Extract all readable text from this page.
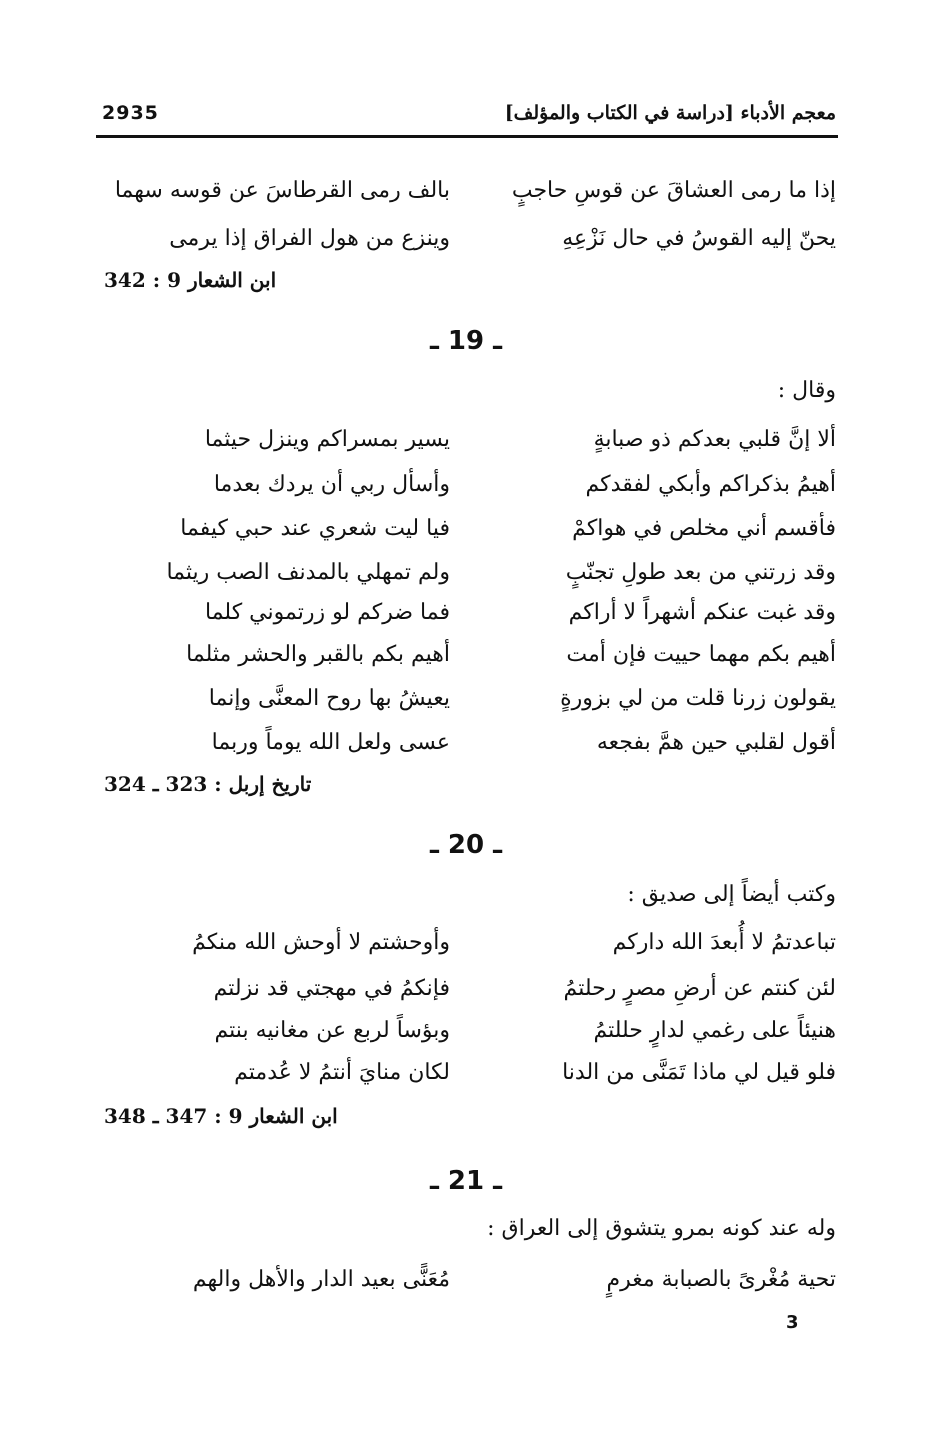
2935	معجم الأدباء [دراسة في الكتاب والمؤلف]
إذا ما رمى العشاقَ عن قوسِ حاجبٍ
بالف رمى القرطاسَ عن قوسه سهما
يحنّ إليه القوسُ في حال نَزْعِهِ
وينزع من هول الفراق إذا يرمى
ابن الشعار 9 : 342
ـ 19 ـ
وقال :
ألا إنَّ قلبي بعدكم ذو صبابةٍ
يسير بمسراكم وينزل حيثما
أهيمُ بذكراكم وأبكي لفقدكم
وأسأل ربي أن يردك بعدما
فأقسم أني مخلص في هواكمْ
فيا ليت شعري عند حبي كيفما
وقد زرتني من بعد طولِ تجنّبٍ
ولم تمهلي بالمدنف الصب ريثما
وقد غبت عنكم أشهراً لا أراكم
فما ضركم لو زرتموني كلما
أهيم بكم مهما حييت فإن أمت
أهيم بكم بالقبر والحشر مثلما
يقولون زرنا قلت من لي بزورةٍ
يعيشُ بها روح المعنَّى وإنما
أقول لقلبي حين همَّ بفجعه
عسى ولعل الله يوماً وربما
تاريخ إربل : 323 ـ 324
ـ 20 ـ
وكتب أيضاً إلى صديق :
تباعدتمُ لا أُبعدَ الله داركم
وأوحشتم لا أوحش الله منكمُ
لئن كنتم عن أرضِ مصرٍ رحلتمُ
فإنكمُ في مهجتي قد نزلتم
هنيئاً على رغمي لدارٍ حللتمُ
وبؤساً لربع عن مغانيه بنتم
فلو قيل لي ماذا تَمَنَّى من الدنا
لكان منايَ أنتمُ لا عُدمتم
ابن الشعار 9 : 347 ـ 348
ـ 21 ـ
وله عند كونه بمرو يتشوق إلى العراق :
تحية مُغْرىً بالصبابة مغرمٍ
مُعَنًّى بعيد الدار والأهل والهم
3
